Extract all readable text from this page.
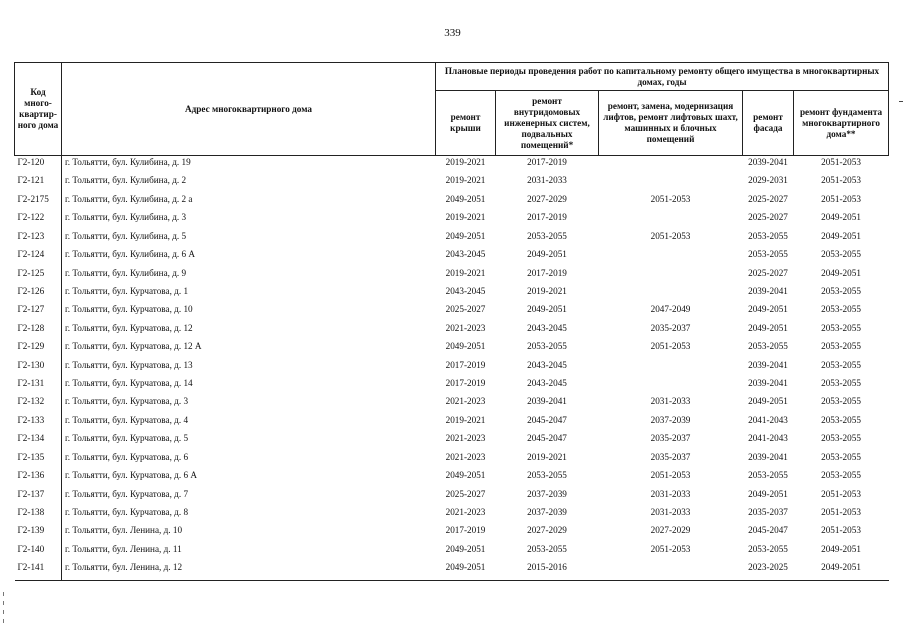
339
Код много-квартир-ного дома	Адрес многоквартирного дома	Плановые периоды проведения работ по капитальному ремонту общего имущества в многоквартирных домах, годы				
		ремонт крыши	ремонт внутридомовых инженерных систем, подвальных помещений*	ремонт, замена, модернизация лифтов, ремонт лифтовых шахт, машинных и блочных помещений	ремонт фасада	ремонт фундамента многоквартирного дома**
Г2-120	г. Тольятти, бул. Кулибина, д. 19	2019-2021	2017-2019		2039-2041	2051-2053
Г2-121	г. Тольятти, бул. Кулибина, д. 2	2019-2021	2031-2033		2029-2031	2051-2053
Г2-2175	г. Тольятти, бул. Кулибина, д. 2 а	2049-2051	2027-2029	2051-2053	2025-2027	2051-2053
Г2-122	г. Тольятти, бул. Кулибина, д. 3	2019-2021	2017-2019		2025-2027	2049-2051
Г2-123	г. Тольятти, бул. Кулибина, д. 5	2049-2051	2053-2055	2051-2053	2053-2055	2049-2051
Г2-124	г. Тольятти, бул. Кулибина, д. 6 А	2043-2045	2049-2051		2053-2055	2053-2055
Г2-125	г. Тольятти, бул. Кулибина, д. 9	2019-2021	2017-2019		2025-2027	2049-2051
Г2-126	г. Тольятти, бул. Курчатова, д. 1	2043-2045	2019-2021		2039-2041	2053-2055
Г2-127	г. Тольятти, бул. Курчатова, д. 10	2025-2027	2049-2051	2047-2049	2049-2051	2053-2055
Г2-128	г. Тольятти, бул. Курчатова, д. 12	2021-2023	2043-2045	2035-2037	2049-2051	2053-2055
Г2-129	г. Тольятти, бул. Курчатова, д. 12 А	2049-2051	2053-2055	2051-2053	2053-2055	2053-2055
Г2-130	г. Тольятти, бул. Курчатова, д. 13	2017-2019	2043-2045		2039-2041	2053-2055
Г2-131	г. Тольятти, бул. Курчатова, д. 14	2017-2019	2043-2045		2039-2041	2053-2055
Г2-132	г. Тольятти, бул. Курчатова, д. 3	2021-2023	2039-2041	2031-2033	2049-2051	2053-2055
Г2-133	г. Тольятти, бул. Курчатова, д. 4	2019-2021	2045-2047	2037-2039	2041-2043	2053-2055
Г2-134	г. Тольятти, бул. Курчатова, д. 5	2021-2023	2045-2047	2035-2037	2041-2043	2053-2055
Г2-135	г. Тольятти, бул. Курчатова, д. 6	2021-2023	2019-2021	2035-2037	2039-2041	2053-2055
Г2-136	г. Тольятти, бул. Курчатова, д. 6 А	2049-2051	2053-2055	2051-2053	2053-2055	2053-2055
Г2-137	г. Тольятти, бул. Курчатова, д. 7	2025-2027	2037-2039	2031-2033	2049-2051	2051-2053
Г2-138	г. Тольятти, бул. Курчатова, д. 8	2021-2023	2037-2039	2031-2033	2035-2037	2051-2053
Г2-139	г. Тольятти, бул. Ленина, д. 10	2017-2019	2027-2029	2027-2029	2045-2047	2051-2053
Г2-140	г. Тольятти, бул. Ленина, д. 11	2049-2051	2053-2055	2051-2053	2053-2055	2049-2051
Г2-141	г. Тольятти, бул. Ленина, д. 12	2049-2051	2015-2016		2023-2025	2049-2051
